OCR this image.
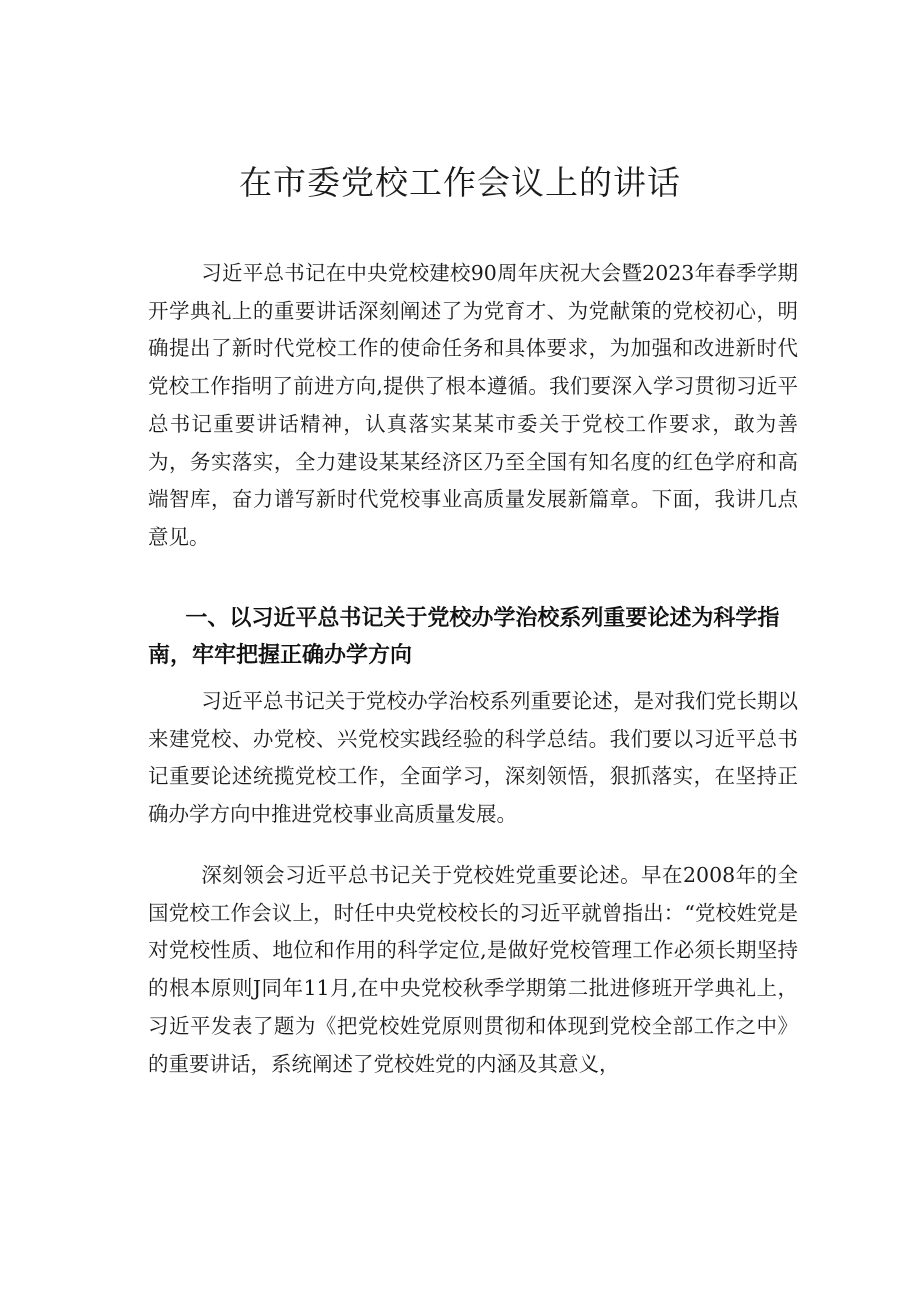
在市委党校工作会议上的讲话

习近平总书记在中央党校建校90周年庆祝大会暨2023年春季学期开学典礼上的重要讲话深刻阐述了为党育才、为党献策的党校初心，明确提出了新时代党校工作的使命任务和具体要求，为加强和改进新时代党校工作指明了前进方向,提供了根本遵循。我们要深入学习贯彻习近平总书记重要讲话精神，认真落实某某市委关于党校工作要求，敢为善为，务实落实，全力建设某某经济区乃至全国有知名度的红色学府和高端智库，奋力谱写新时代党校事业高质量发展新篇章。下面，我讲几点意见。

一、以习近平总书记关于党校办学治校系列重要论述为科学指南，牢牢把握正确办学方向

习近平总书记关于党校办学治校系列重要论述，是对我们党长期以来建党校、办党校、兴党校实践经验的科学总结。我们要以习近平总书记重要论述统揽党校工作，全面学习，深刻领悟，狠抓落实，在坚持正确办学方向中推进党校事业高质量发展。

深刻领会习近平总书记关于党校姓党重要论述。早在2008年的全国党校工作会议上，时任中央党校校长的习近平就曾指出：“党校姓党是对党校性质、地位和作用的科学定位,是做好党校管理工作必须长期坚持的根本原则J同年11月,在中央党校秋季学期第二批进修班开学典礼上，习近平发表了题为《把党校姓党原则贯彻和体现到党校全部工作之中》的重要讲话，系统阐述了党校姓党的内涵及其意义，
